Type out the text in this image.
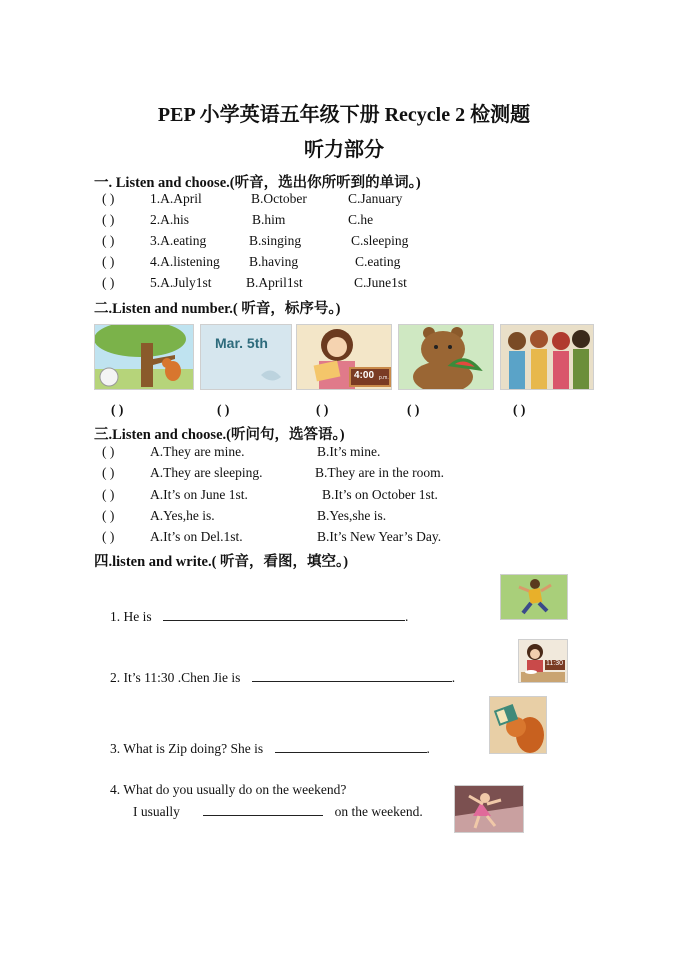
PEP 小学英语五年级下册 Recycle 2 检测题
听力部分
一. Listen and choose.(听音，选出你所听到的单词。)
( )	1.A.April	B.October	C.January
( )	2.A.his	B.him	C.he
( )	3.A.eating	B.singing	C.sleeping
( )	4.A.listening B.having	C.eating
( )	5.A.July1st	B.April1st	C.June1st
二.Listen and number.( 听音，标序号。)
Mar. 5th
4:00 p.m.
( )	( )	( )	( )	( )
三.Listen and choose.(听问句，选答语。)
( )	A.They are mine.	B.It’s mine.
( )	A.They are sleeping.	B.They are in the room.
( )	A.It’s on June 1st.	B.It’s on October 1st.
( )	A.Yes,he is.	B.Yes,she is.
( )	A.It’s on Del.1st.	B.It’s New Year’s Day.
四.listen and write.( 听音，看图，填空。)
1. He is	.
11:30
2. It’s 11:30 .Chen Jie is	.
3. What is Zip doing? She is	.
4. What do you usually do on the weekend?
I usually	on the weekend.
